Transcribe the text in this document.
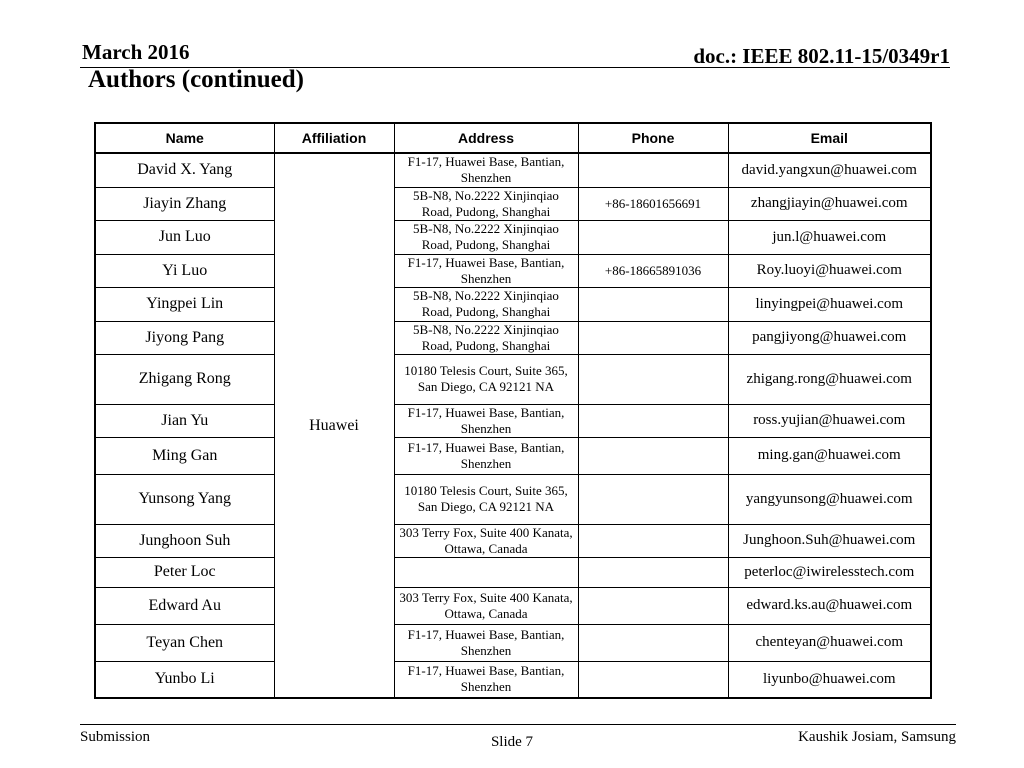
March 2016	doc.: IEEE 802.11-15/0349r1
Authors (continued)
Name	Affiliation	Address	Phone	Email
David X. Yang	Huawei	F1-17, Huawei Base, Bantian, Shenzhen		david.yangxun@huawei.com
Jiayin Zhang		5B-N8, No.2222 Xinjinqiao Road, Pudong, Shanghai	+86-18601656691	zhangjiayin@huawei.com
Jun Luo		5B-N8, No.2222 Xinjinqiao Road, Pudong, Shanghai		jun.l@huawei.com
Yi Luo		F1-17, Huawei Base, Bantian, Shenzhen	+86-18665891036	Roy.luoyi@huawei.com
Yingpei Lin		5B-N8, No.2222 Xinjinqiao Road, Pudong, Shanghai		linyingpei@huawei.com
Jiyong Pang		5B-N8, No.2222 Xinjinqiao Road, Pudong, Shanghai		pangjiyong@huawei.com
Zhigang Rong		10180 Telesis Court, Suite 365, San Diego, CA 92121 NA		zhigang.rong@huawei.com
Jian Yu		F1-17, Huawei Base, Bantian, Shenzhen		ross.yujian@huawei.com
Ming Gan		F1-17, Huawei Base, Bantian, Shenzhen		ming.gan@huawei.com
Yunsong Yang		10180 Telesis Court, Suite 365, San Diego, CA 92121 NA		yangyunsong@huawei.com
Junghoon Suh		303 Terry Fox, Suite 400 Kanata, Ottawa, Canada		Junghoon.Suh@huawei.com
Peter Loc				peterloc@iwirelesstech.com
Edward Au		303 Terry Fox, Suite 400 Kanata, Ottawa, Canada		edward.ks.au@huawei.com
Teyan Chen		F1-17, Huawei Base, Bantian, Shenzhen		chenteyan@huawei.com
Yunbo Li		F1-17, Huawei Base, Bantian, Shenzhen		liyunbo@huawei.com
Submission	Slide 7	Kaushik Josiam, Samsung
